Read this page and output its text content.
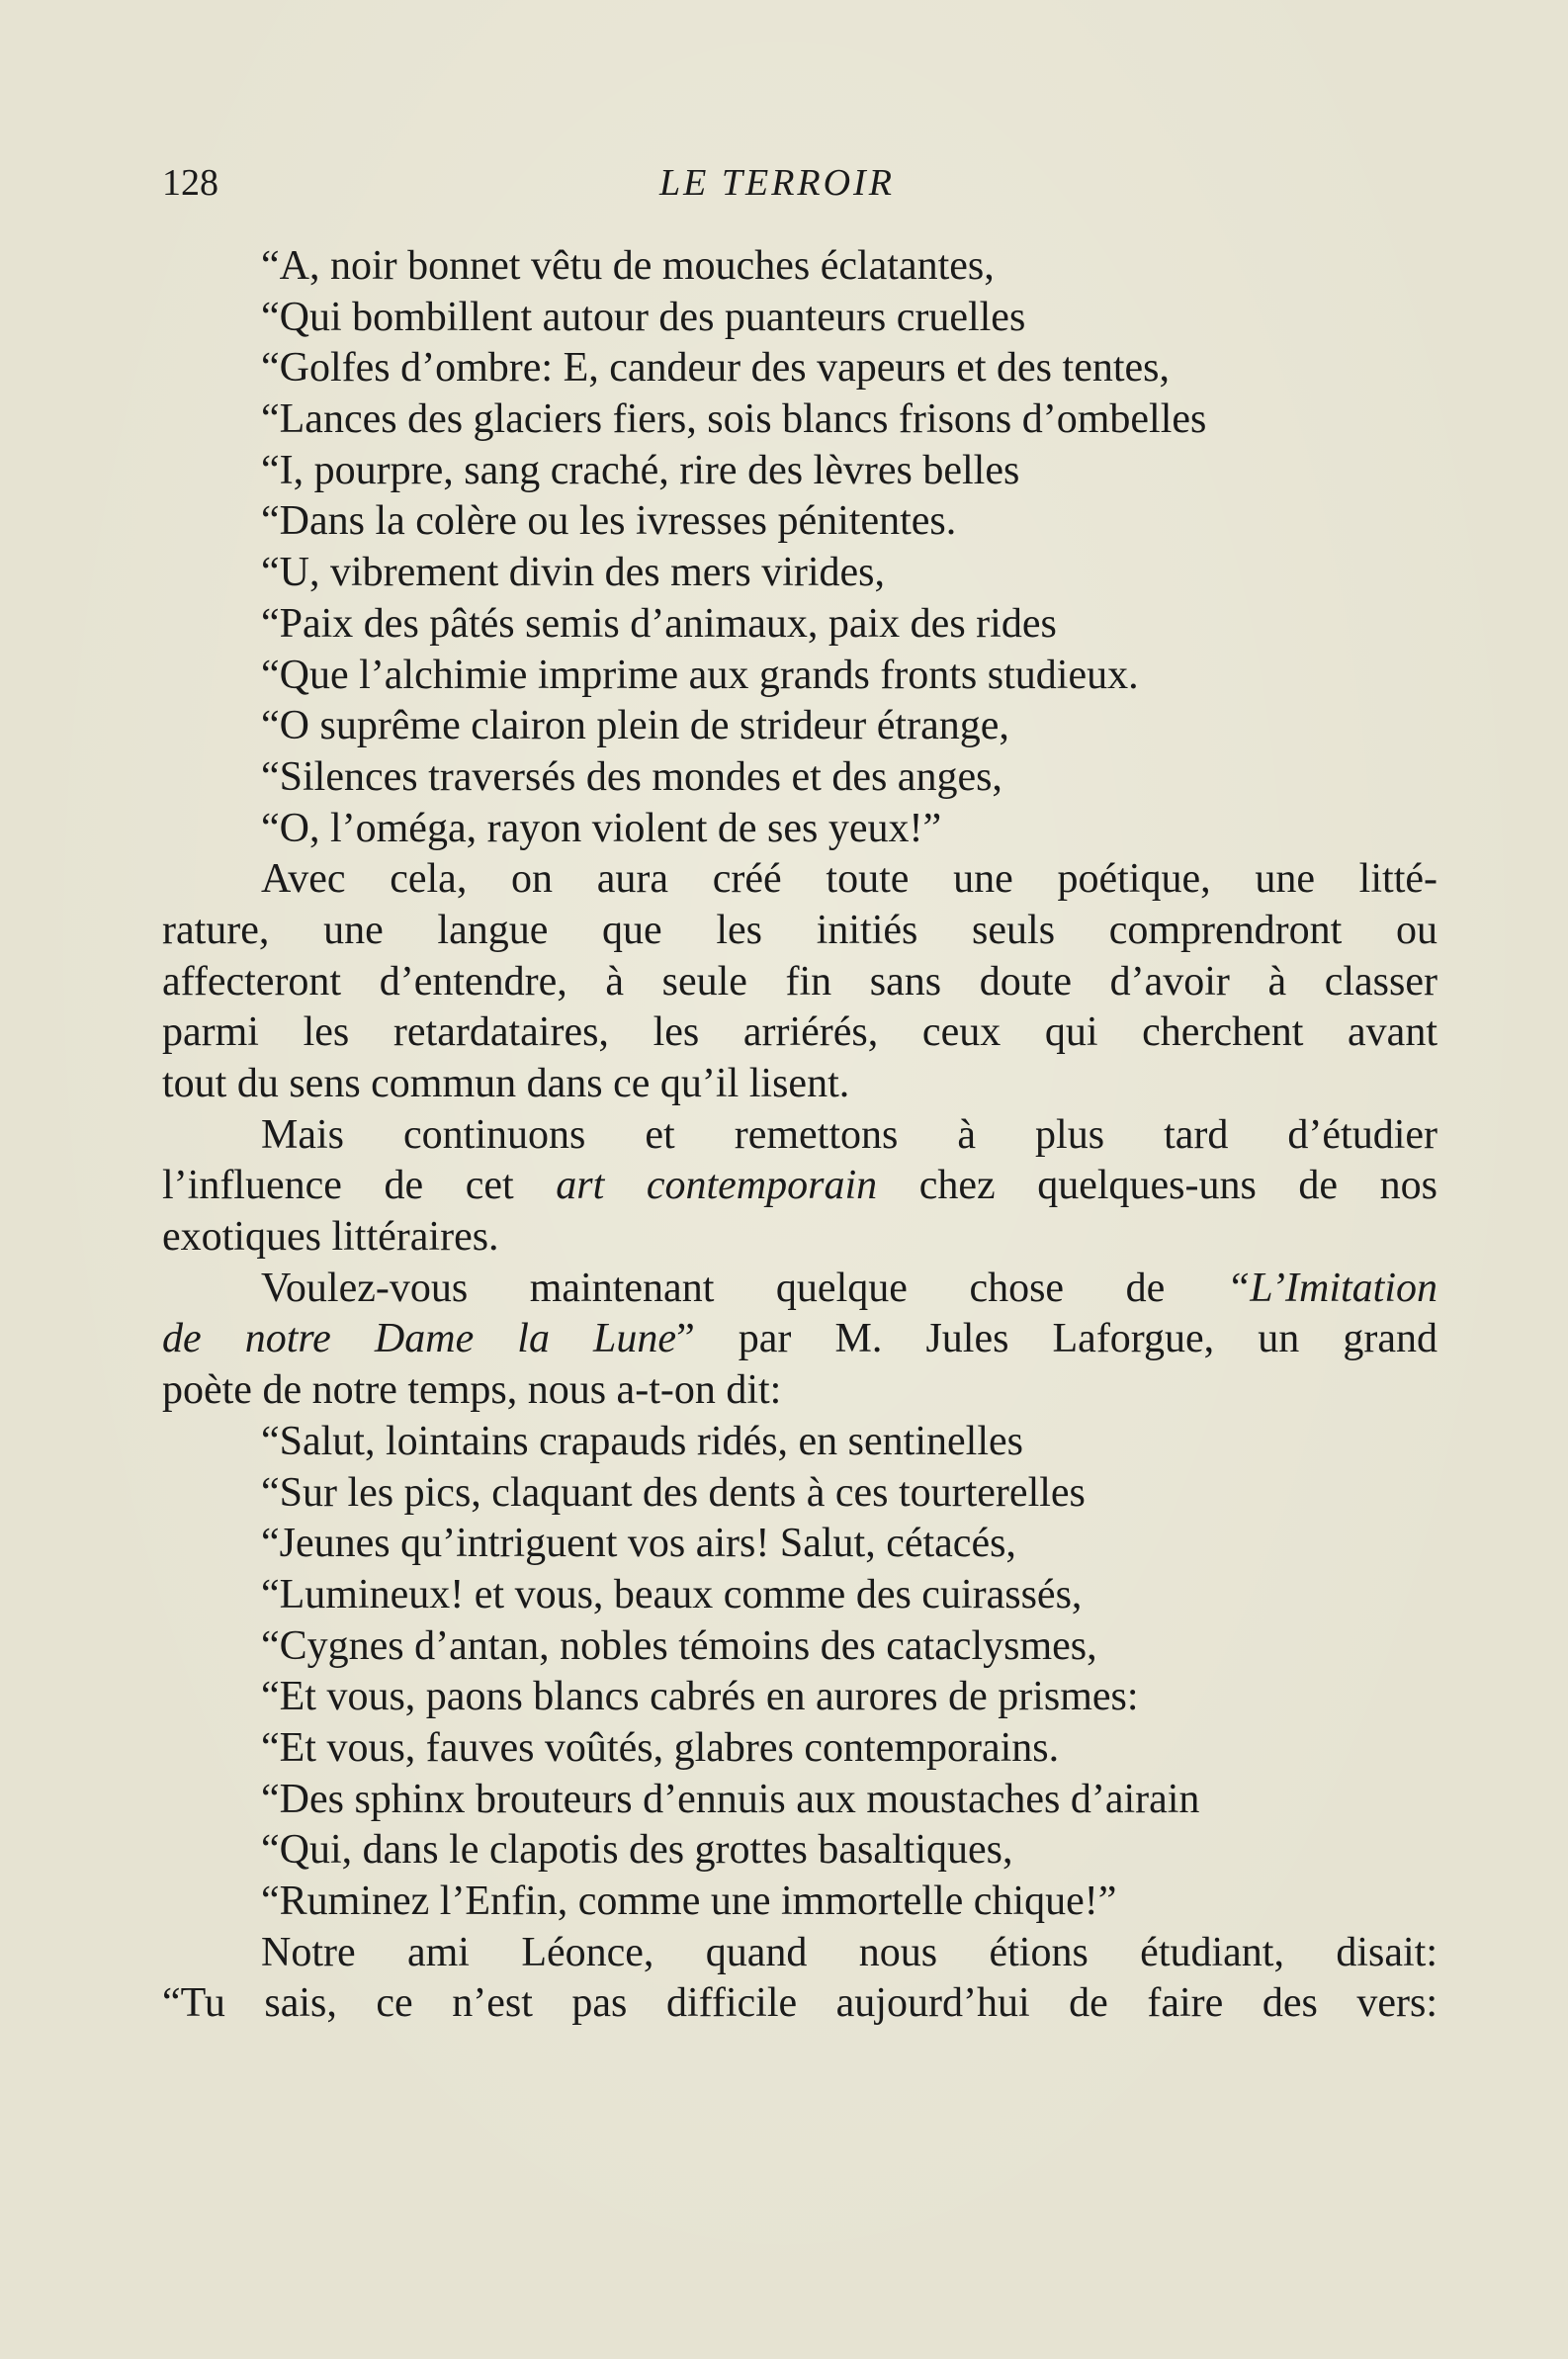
128	LE TERROIR
“A, noir bonnet vêtu de mouches éclatantes,
“Qui bombillent autour des puanteurs cruelles
“Golfes d’ombre: E, candeur des vapeurs et des tentes,
“Lances des glaciers fiers, sois blancs frisons d’ombelles
“I, pourpre, sang craché, rire des lèvres belles
“Dans la colère ou les ivresses pénitentes.
“U, vibrement divin des mers virides,
“Paix des pâtés semis d’animaux, paix des rides
“Que l’alchimie imprime aux grands fronts studieux.
“O suprême clairon plein de strideur étrange,
“Silences traversés des mondes et des anges,
“O, l’oméga, rayon violent de ses yeux!”
Avec cela, on aura créé toute une poétique, une litté-
rature, une langue que les initiés seuls comprendront ou
affecteront d’entendre, à seule fin sans doute d’avoir à classer
parmi les retardataires, les arriérés, ceux qui cherchent avant
tout du sens commun dans ce qu’il lisent.
Mais continuons et remettons à plus tard d’étudier
l’influence de cet art contemporain chez quelques-uns de nos
exotiques littéraires.
Voulez-vous maintenant quelque chose de “L’Imitation
de notre Dame la Lune” par M. Jules Laforgue, un grand
poète de notre temps, nous a-t-on dit:
“Salut, lointains crapauds ridés, en sentinelles
“Sur les pics, claquant des dents à ces tourterelles
“Jeunes qu’intriguent vos airs! Salut, cétacés,
“Lumineux! et vous, beaux comme des cuirassés,
“Cygnes d’antan, nobles témoins des cataclysmes,
“Et vous, paons blancs cabrés en aurores de prismes:
“Et vous, fauves voûtés, glabres contemporains.
“Des sphinx brouteurs d’ennuis aux moustaches d’airain
“Qui, dans le clapotis des grottes basaltiques,
“Ruminez l’Enfin, comme une immortelle chique!”
Notre ami Léonce, quand nous étions étudiant, disait:
“Tu sais, ce n’est pas difficile aujourd’hui de faire des vers:
